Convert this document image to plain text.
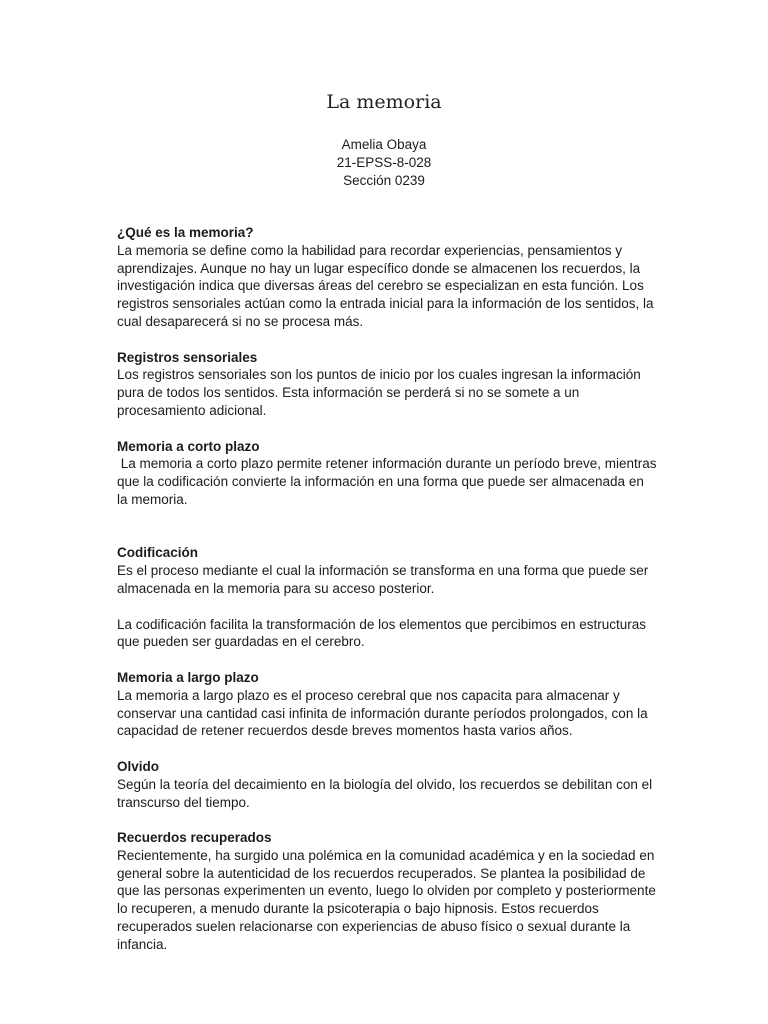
La memoria
Amelia Obaya
21-EPSS-8-028
Sección 0239
¿Qué es la memoria?

La memoria se define como la habilidad para recordar experiencias, pensamientos y aprendizajes. Aunque no hay un lugar específico donde se almacenen los recuerdos, la investigación indica que diversas áreas del cerebro se especializan en esta función. Los registros sensoriales actúan como la entrada inicial para la información de los sentidos, la cual desaparecerá si no se procesa más.

Registros sensoriales

Los registros sensoriales son los puntos de inicio por los cuales ingresan la información pura de todos los sentidos. Esta información se perderá si no se somete a un procesamiento adicional.

Memoria a corto plazo

La memoria a corto plazo permite retener información durante un período breve, mientras que la codificación convierte la información en una forma que puede ser almacenada en la memoria.

Codificación

Es el proceso mediante el cual la información se transforma en una forma que puede ser almacenada en la memoria para su acceso posterior.

La codificación facilita la transformación de los elementos que percibimos en estructuras que pueden ser guardadas en el cerebro.

Memoria a largo plazo

La memoria a largo plazo es el proceso cerebral que nos capacita para almacenar y conservar una cantidad casi infinita de información durante períodos prolongados, con la capacidad de retener recuerdos desde breves momentos hasta varios años.

Olvido

Según la teoría del decaimiento en la biología del olvido, los recuerdos se debilitan con el transcurso del tiempo.

Recuerdos recuperados

Recientemente, ha surgido una polémica en la comunidad académica y en la sociedad en general sobre la autenticidad de los recuerdos recuperados. Se plantea la posibilidad de que las personas experimenten un evento, luego lo olviden por completo y posteriormente lo recuperen, a menudo durante la psicoterapia o bajo hipnosis. Estos recuerdos recuperados suelen relacionarse con experiencias de abuso físico o sexual durante la infancia.
